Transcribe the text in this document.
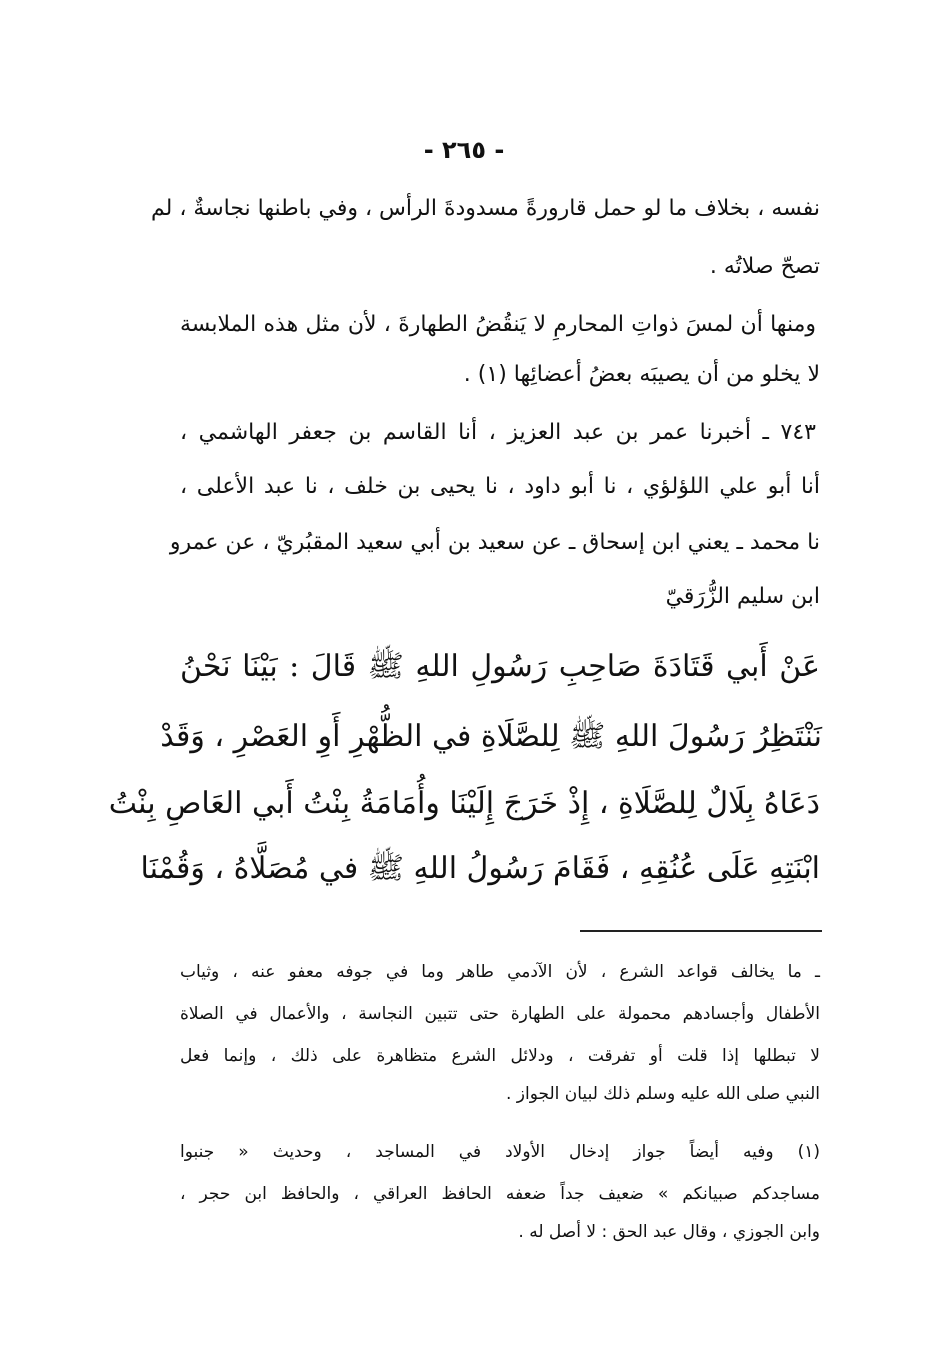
- ٢٦٥ -
نفسه ، بخلاف ما لو حمل قارورةً مسدودةَ الرأس ، وفي باطنها نجاسةٌ ، لم
تصحّ صلاتُه .
ومنها أن لمسَ ذواتِ المحارمِ لا يَنقُضُ الطهارةَ ، لأن مثل هذه الملابسة
لا يخلو من أن يصيبَه بعضُ أعضائِها (١) .
٧٤٣ ـ أخبرنا عمر بن عبد العزيز ، أنا القاسم بن جعفر الهاشمي ،
أنا أبو علي اللؤلؤي ، نا أبو داود ، نا يحيى بن خلف ، نا عبد الأعلى ،
نا محمد ـ يعني ابن إسحاق ـ عن سعيد بن أبي سعيد المقبُريّ ، عن عمرو
ابن سليم الزُّرَقيّ
عَنْ أَبي قَتَادَةَ صَاحِبِ رَسُولِ اللهِ ﷺ قَالَ : بَيْنَا نَحْنُ
نَنْتَظِرُ رَسُولَ اللهِ ﷺ لِلصَّلَاةِ في الظُّهْرِ أَوِ العَصْرِ ، وَقَدْ
دَعَاهُ بِلَالٌ لِلصَّلَاةِ ، إِذْ خَرَجَ إِلَيْنَا وأُمَامَةُ بِنْتُ أَبي العَاصِ بِنْتُ
ابْنَتِهِ عَلَى عُنُقِهِ ، فَقَامَ رَسُولُ اللهِ ﷺ في مُصَلَّاهُ ، وَقُمْنَا
ـ ما يخالف قواعد الشرع ، لأن الآدمي طاهر وما في جوفه معفو عنه ، وثياب
الأطفال وأجسادهم محمولة على الطهارة حتى تتبين النجاسة ، والأعمال في الصلاة
لا تبطلها إذا قلت أو تفرقت ، ودلائل الشرع متظاهرة على ذلك ، وإنما فعل
النبي صلى الله عليه وسلم ذلك لبيان الجواز .
(١) وفيه أيضاً جواز إدخال الأولاد في المساجد ، وحديث « جنبوا
مساجدكم صبيانكم » ضعيف جداً ضعفه الحافظ العراقي ، والحافظ ابن حجر ،
وابن الجوزي ، وقال عبد الحق : لا أصل له .
